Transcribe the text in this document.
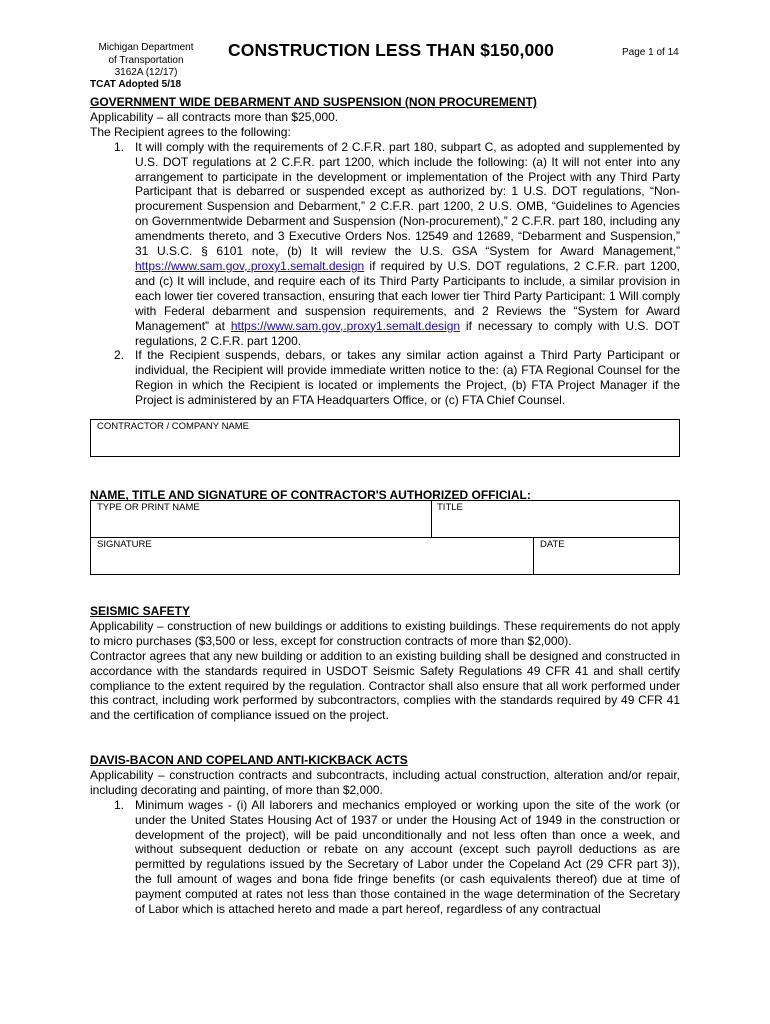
Michigan Department
of Transportation
3162A (12/17)
TCAT Adopted 5/18
CONSTRUCTION LESS THAN $150,000	Page 1 of 14
GOVERNMENT WIDE DEBARMENT AND SUSPENSION (NON PROCUREMENT)
Applicability – all contracts more than $25,000.
The Recipient agrees to the following:
1. It will comply with the requirements of 2 C.F.R. part 180, subpart C, as adopted and supplemented by U.S. DOT regulations at 2 C.F.R. part 1200, which include the following: (a) It will not enter into any arrangement to participate in the development or implementation of the Project with any Third Party Participant that is debarred or suspended except as authorized by: 1 U.S. DOT regulations, “Non-procurement Suspension and Debarment,” 2 C.F.R. part 1200, 2 U.S. OMB, “Guidelines to Agencies on Governmentwide Debarment and Suspension (Non-procurement),” 2 C.F.R. part 180, including any amendments thereto, and 3 Executive Orders Nos. 12549 and 12689, “Debarment and Suspension,” 31 U.S.C. § 6101 note, (b) It will review the U.S. GSA “System for Award Management,” https://www.sam.gov,.proxy1.semalt.design if required by U.S. DOT regulations, 2 C.F.R. part 1200, and (c) It will include, and require each of its Third Party Participants to include, a similar provision in each lower tier covered transaction, ensuring that each lower tier Third Party Participant: 1 Will comply with Federal debarment and suspension requirements, and 2 Reviews the “System for Award Management” at https://www.sam.gov,.proxy1.semalt.design if necessary to comply with U.S. DOT regulations, 2 C.F.R. part 1200.
2. If the Recipient suspends, debars, or takes any similar action against a Third Party Participant or individual, the Recipient will provide immediate written notice to the: (a) FTA Regional Counsel for the Region in which the Recipient is located or implements the Project, (b) FTA Project Manager if the Project is administered by an FTA Headquarters Office, or (c) FTA Chief Counsel.
CONTRACTOR / COMPANY NAME
NAME, TITLE AND SIGNATURE OF CONTRACTOR'S AUTHORIZED OFFICIAL:
TYPE OR PRINT NAME	TITLE
SIGNATURE	DATE
SEISMIC SAFETY
Applicability – construction of new buildings or additions to existing buildings. These requirements do not apply to micro purchases ($3,500 or less, except for construction contracts of more than $2,000).
Contractor agrees that any new building or addition to an existing building shall be designed and constructed in accordance with the standards required in USDOT Seismic Safety Regulations 49 CFR 41 and shall certify compliance to the extent required by the regulation. Contractor shall also ensure that all work performed under this contract, including work performed by subcontractors, complies with the standards required by 49 CFR 41 and the certification of compliance issued on the project.
DAVIS-BACON AND COPELAND ANTI-KICKBACK ACTS
Applicability – construction contracts and subcontracts, including actual construction, alteration and/or repair, including decorating and painting, of more than $2,000.
1. Minimum wages - (i) All laborers and mechanics employed or working upon the site of the work (or under the United States Housing Act of 1937 or under the Housing Act of 1949 in the construction or development of the project), will be paid unconditionally and not less often than once a week, and without subsequent deduction or rebate on any account (except such payroll deductions as are permitted by regulations issued by the Secretary of Labor under the Copeland Act (29 CFR part 3)), the full amount of wages and bona fide fringe benefits (or cash equivalents thereof) due at time of payment computed at rates not less than those contained in the wage determination of the Secretary of Labor which is attached hereto and made a part hereof, regardless of any contractual
